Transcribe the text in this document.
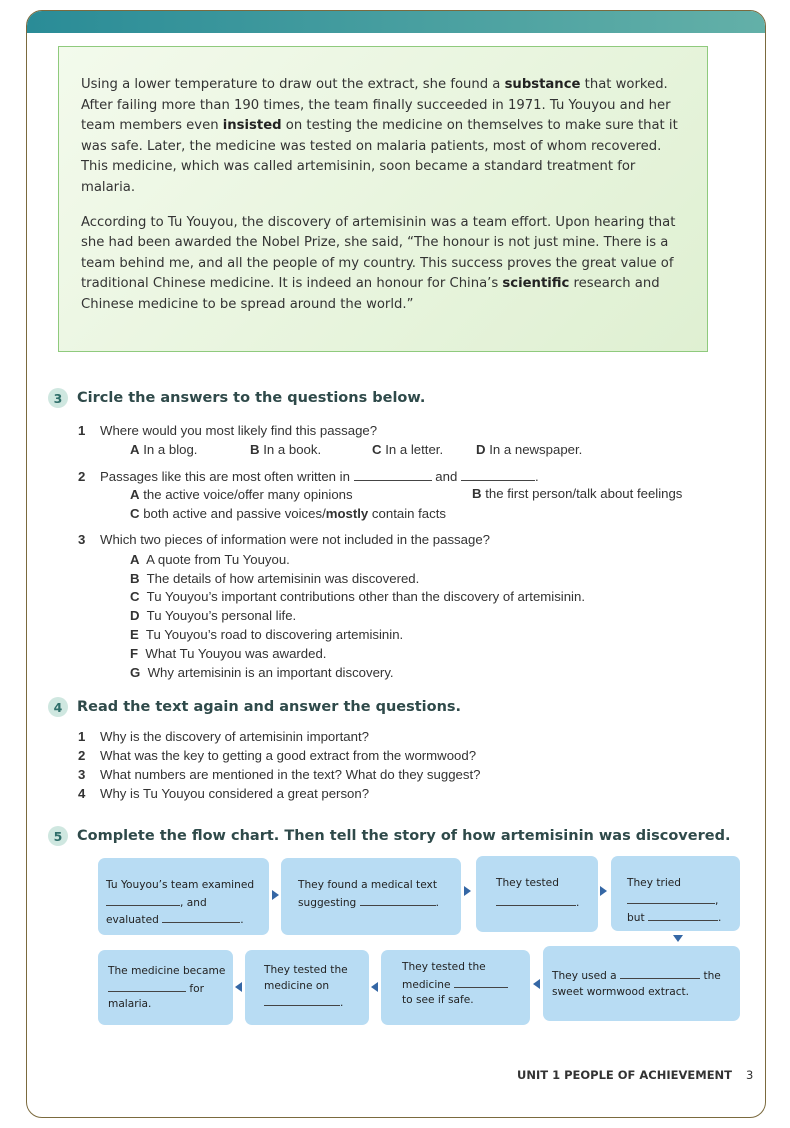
Using a lower temperature to draw out the extract, she found a substance that worked. After failing more than 190 times, the team finally succeeded in 1971. Tu Youyou and her team members even insisted on testing the medicine on themselves to make sure that it was safe. Later, the medicine was tested on malaria patients, most of whom recovered. This medicine, which was called artemisinin, soon became a standard treatment for malaria.

According to Tu Youyou, the discovery of artemisinin was a team effort. Upon hearing that she had been awarded the Nobel Prize, she said, “The honour is not just mine. There is a team behind me, and all the people of my country. This success proves the great value of traditional Chinese medicine. It is indeed an honour for China’s scientific research and Chinese medicine to be spread around the world.”

3	Circle the answers to the questions below.
1 Where would you most likely find this passage?
A In a blog.	B In a book.	C In a letter. D In a newspaper.
2 Passages like this are most often written in	and	.
A the active voice/offer many opinions	B the first person/talk about feelings
C both active and passive voices/mostly contain facts
3 Which two pieces of information were not included in the passage?
A A quote from Tu Youyou.
B The details of how artemisinin was discovered.
C Tu Youyou’s important contributions other than the discovery of artemisinin.
D Tu Youyou’s personal life.
E Tu Youyou’s road to discovering artemisinin.
F What Tu Youyou was awarded.
G Why artemisinin is an important discovery.
4	Read the text again and answer the questions.
1 Why is the discovery of artemisinin important?
2 What was the key to getting a good extract from the wormwood?
3 What numbers are mentioned in the text? What do they suggest?
4 Why is Tu Youyou considered a great person?
5	Complete the flow chart. Then tell the story of how artemisinin was discovered.
Tu Youyou’s team examined
, and
evaluated	.
They found a medical text
suggesting	.
They tested
.
They tried
,
but	.
The medicine became
for
malaria.
They tested the
medicine on
.
They tested the
medicine
to see if safe.
They used a	the
sweet wormwood extract.
UNIT 1 PEOPLE OF ACHIEVEMENT 3
